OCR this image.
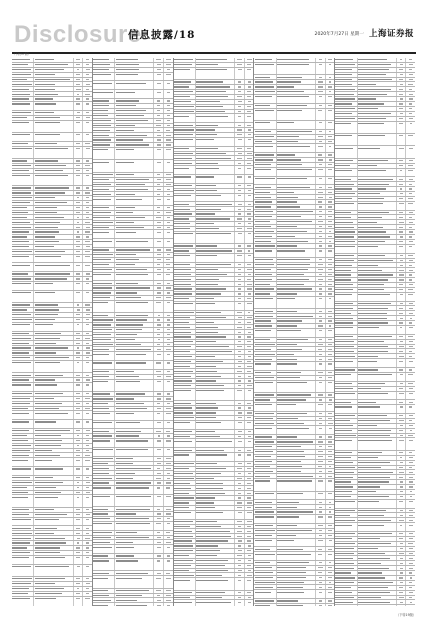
Disclosure
信息披露/18	2020年7月27日 星期一 上海证券报
（下转17版）
（下转19版）
